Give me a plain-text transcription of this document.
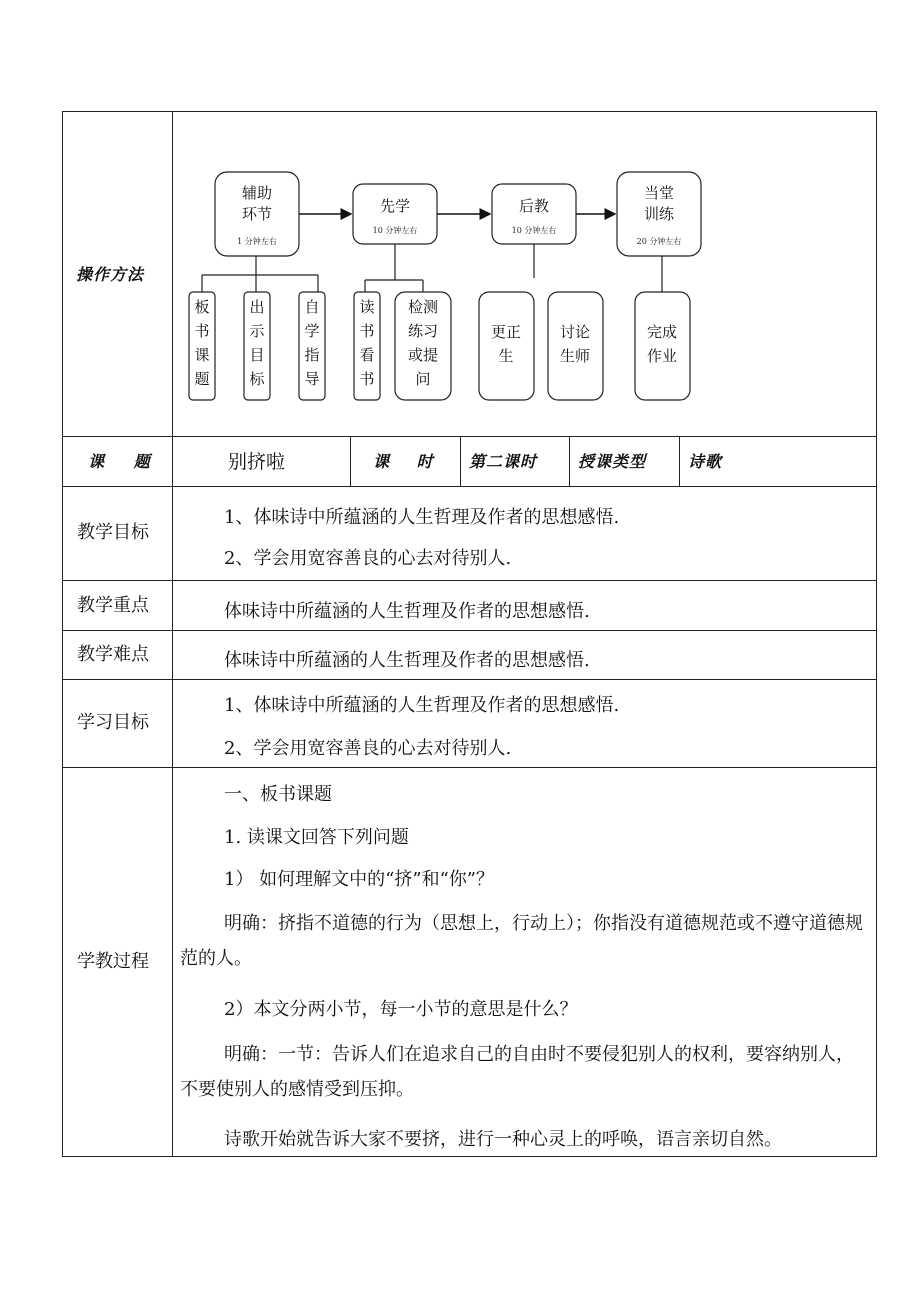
操作方法
辅助
环节
1 分钟左右
先学
10 分钟左右
后教
10 分钟左右
当堂
训练
20 分钟左右
板
书
课
题
出
示
目
标
自
学
指
导
读
书
看
书
检测
练习
或提
问
更正
生
讨论
生师
完成
作业
课 题	别挤啦	课 时 第二课时	授课类型	诗歌
教学目标
1、体味诗中所蕴涵的人生哲理及作者的思想感悟.
2、学会用宽容善良的心去对待别人.
教学重点	体味诗中所蕴涵的人生哲理及作者的思想感悟.
教学难点	体味诗中所蕴涵的人生哲理及作者的思想感悟.
学习目标
1、体味诗中所蕴涵的人生哲理及作者的思想感悟.
2、学会用宽容善良的心去对待别人.
学教过程
一、板书课题
1. 读课文回答下列问题
1） 如何理解文中的“挤”和“你”？
明确：挤指不道德的行为（思想上，行动上）；你指没有道德规范或不遵守道德规范的人。
2）本文分两小节，每一小节的意思是什么？
明确：一节：告诉人们在追求自己的自由时不要侵犯别人的权利，要容纳别人，不要使别人的感情受到压抑。
诗歌开始就告诉大家不要挤，进行一种心灵上的呼唤，语言亲切自然。
